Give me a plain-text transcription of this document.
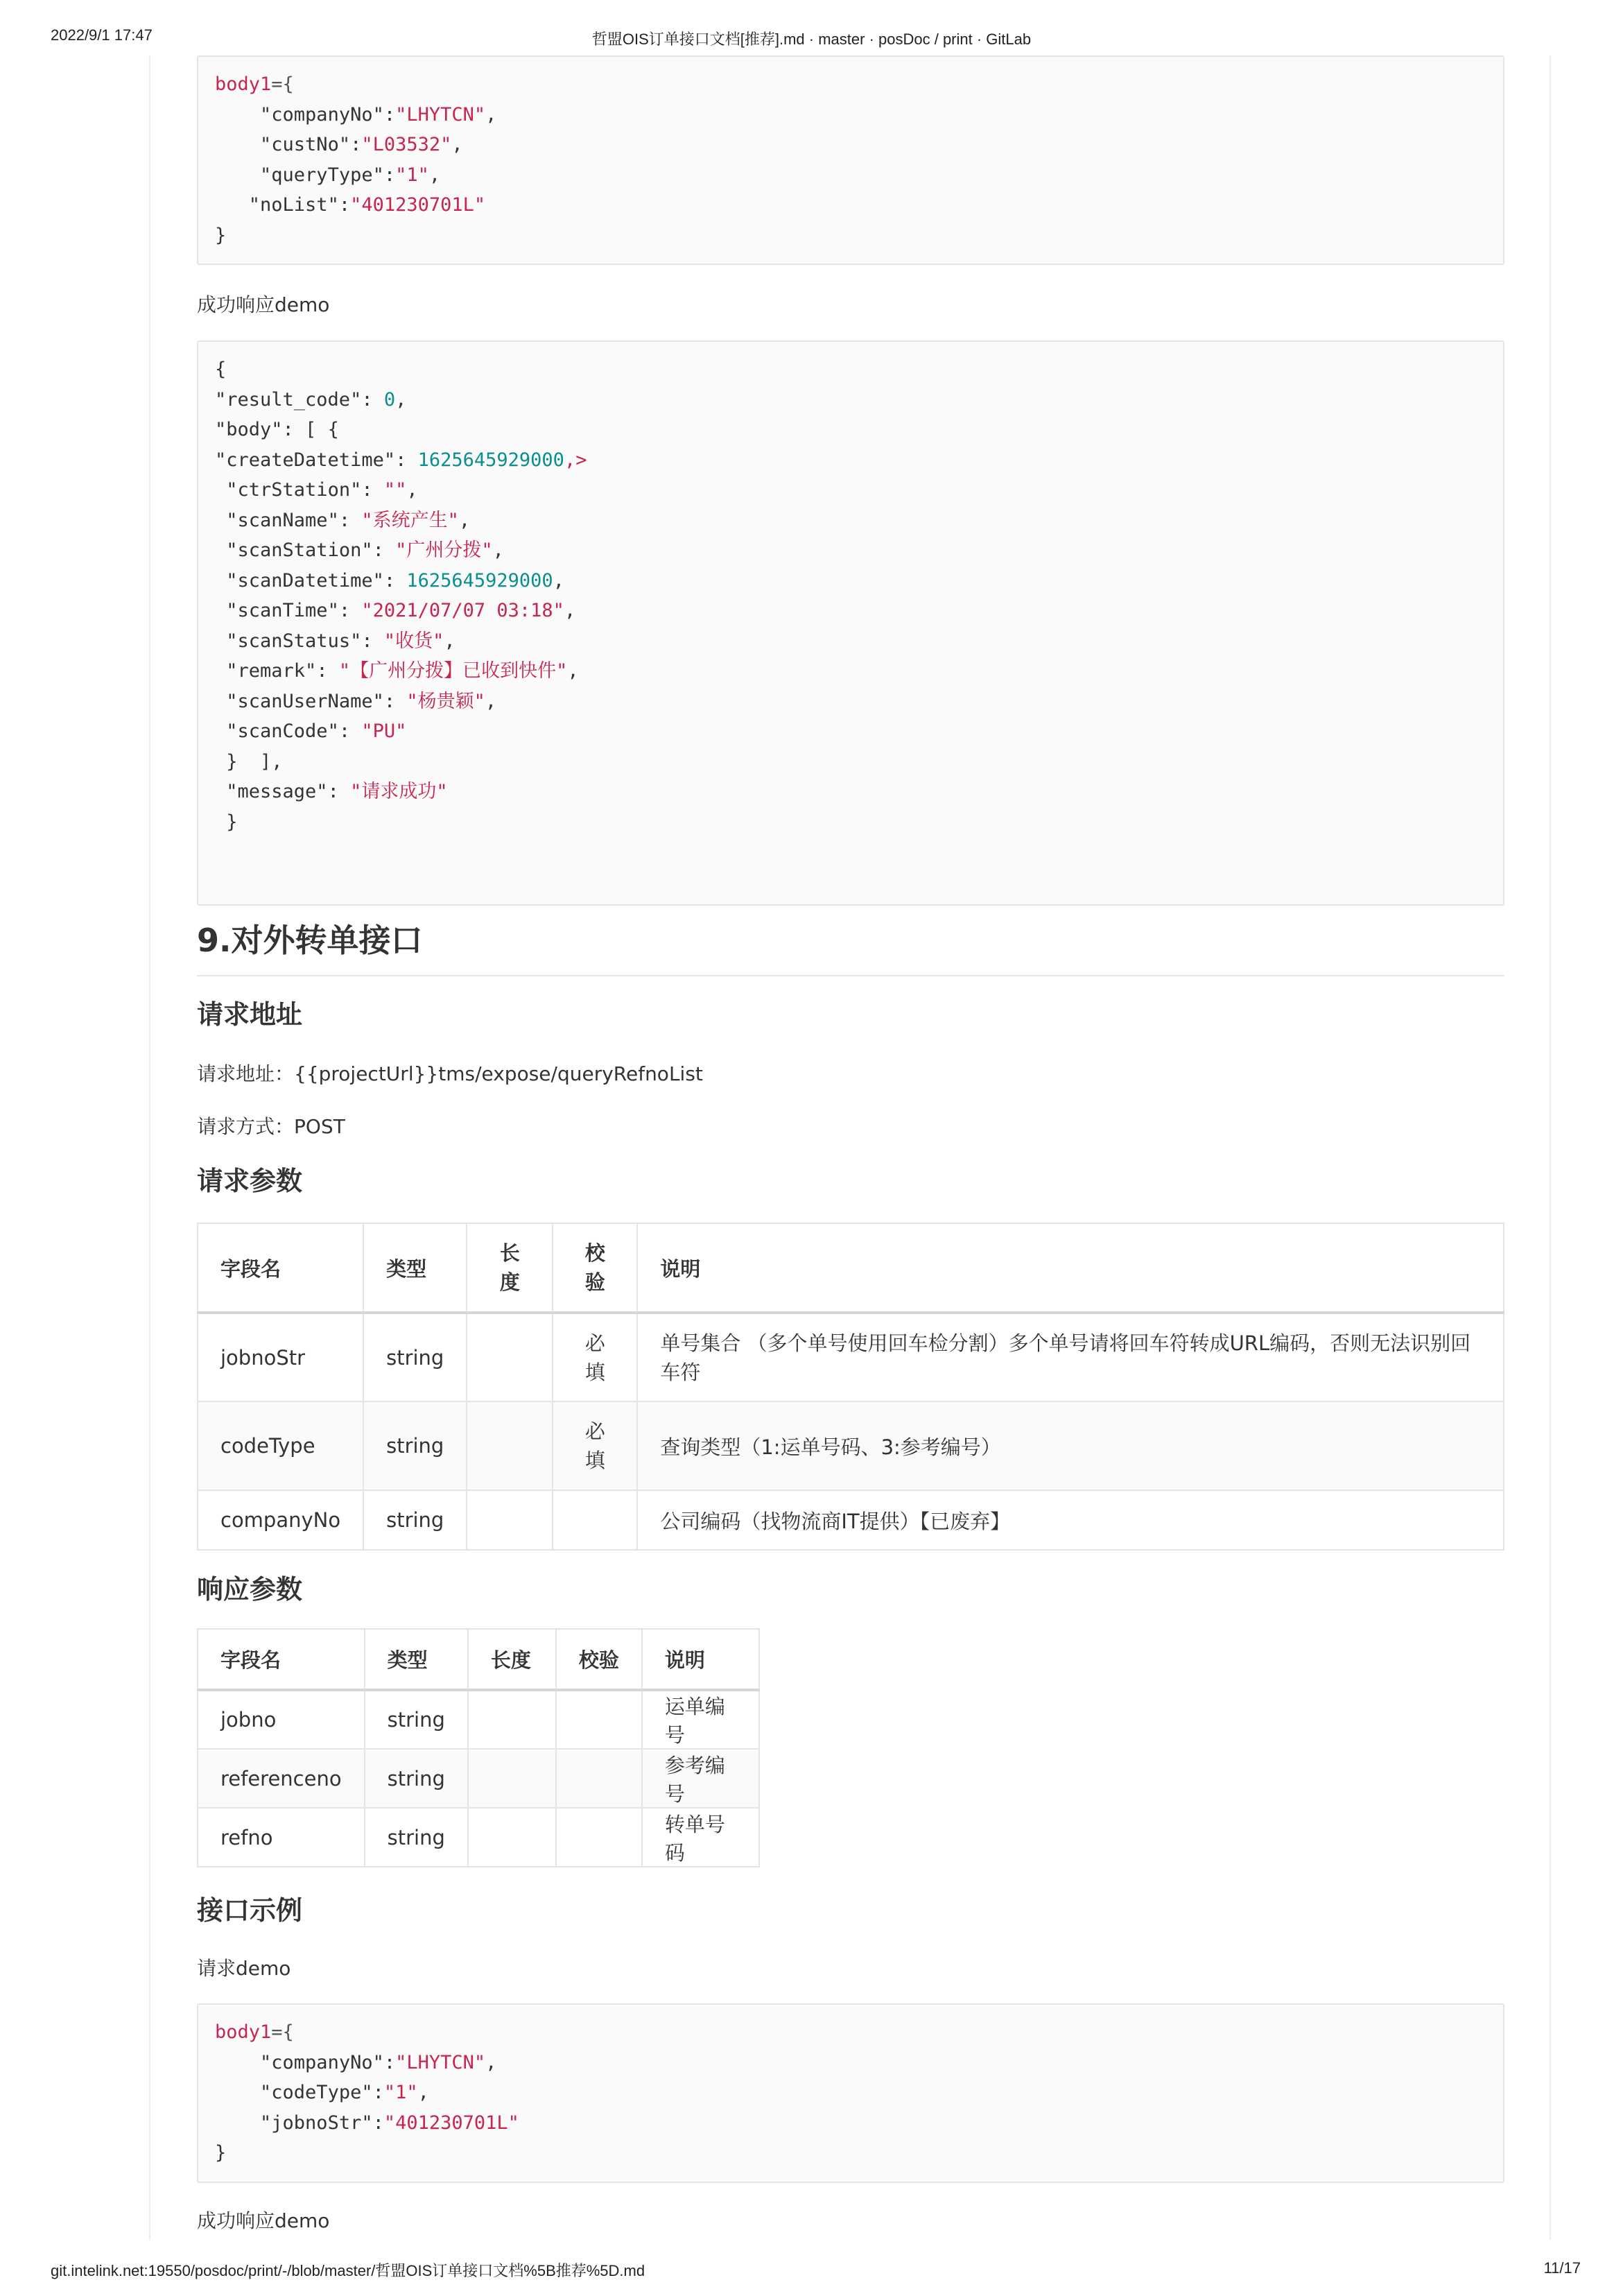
2022/9/1 17:47	哲盟OIS订单接口文档[推荐].md · master · posDoc / print · GitLab
body1={
"companyNo":"LHYTCN",
"custNo":"L03532",
"queryType":"1",
"noList":"401230701L"
}
成功响应demo
{
"result_code": 0,
"body": [ {
"createDatetime": 1625645929000,>
"ctrStation": "",
"scanName": "系统产生",
"scanStation": "广州分拨",
"scanDatetime": 1625645929000,
"scanTime": "2021/07/07 03:18",
"scanStatus": "收货",
"remark": "【广州分拨】已收到快件",
"scanUserName": "杨贵颖",
"scanCode": "PU"
}  ],
"message": "请求成功"
}
9.对外转单接口
请求地址
请求地址：{{projectUrl}}tms/expose/queryRefnoList
请求方式：POST
请求参数
字段名	类型	长度	校验	说明
jobnoStr	string		必填	单号集合 （多个单号使用回车检分割）多个单号请将回车符转成URL编码，否则无法识别回车符
codeType	string		必填	查询类型（1:运单号码、3:参考编号）
companyNo	string			公司编码（找物流商IT提供）【已废弃】
响应参数
字段名	类型	长度	校验	说明
jobno	string			运单编号
referenceno	string			参考编号
refno	string			转单号码
接口示例
请求demo
body1={
"companyNo":"LHYTCN",
"codeType":"1",
"jobnoStr":"401230701L"
}
成功响应demo
git.intelink.net:19550/posdoc/print/-/blob/master/哲盟OIS订单接口文档%5B推荐%5D.md	11/17
